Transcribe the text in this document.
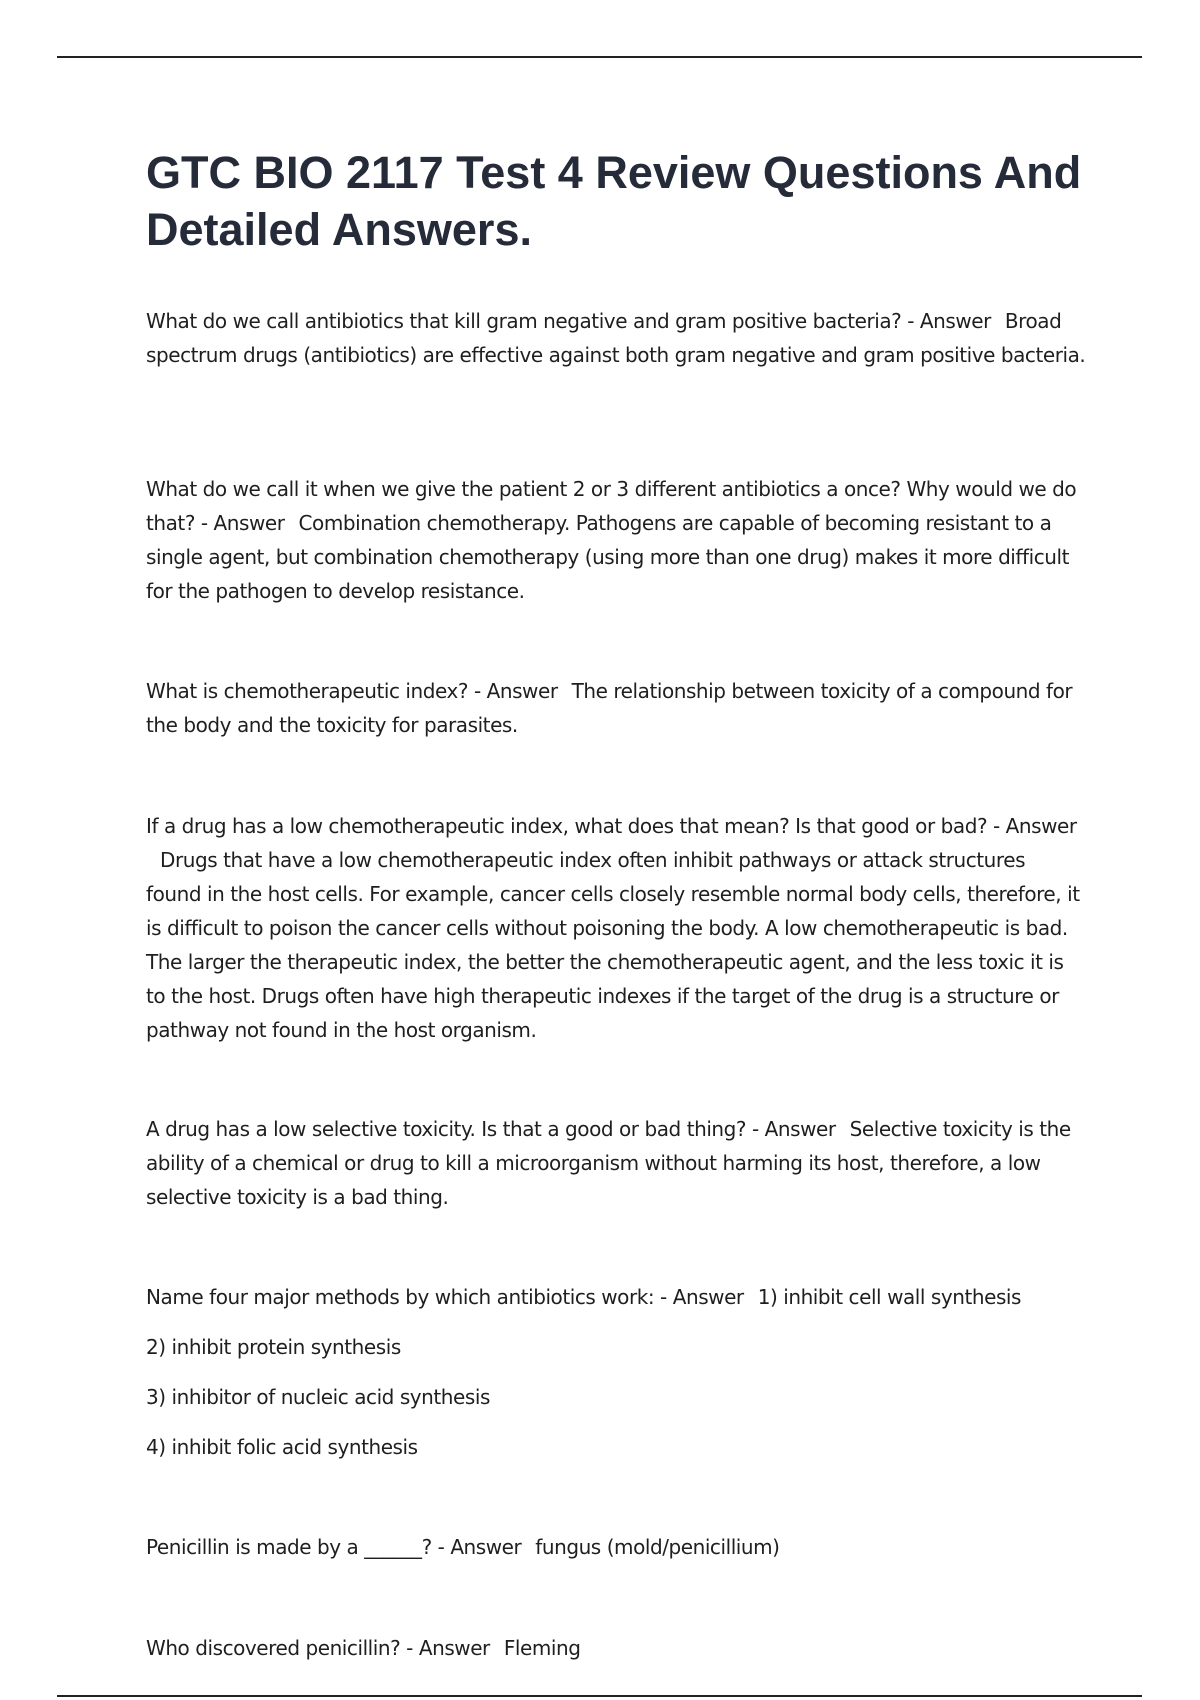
GTC BIO 2117 Test 4 Review Questions And Detailed Answers.

What do we call antibiotics that kill gram negative and gram positive bacteria? - Answer Broad spectrum drugs (antibiotics) are effective against both gram negative and gram positive bacteria.

What do we call it when we give the patient 2 or 3 different antibiotics a once? Why would we do that? - Answer Combination chemotherapy. Pathogens are capable of becoming resistant to a single agent, but combination chemotherapy (using more than one drug) makes it more difficult for the pathogen to develop resistance.

What is chemotherapeutic index? - Answer The relationship between toxicity of a compound for the body and the toxicity for parasites.

If a drug has a low chemotherapeutic index, what does that mean? Is that good or bad? - AnswerDrugs that have a low chemotherapeutic index often inhibit pathways or attack structures found in the host cells. For example, cancer cells closely resemble normal body cells, therefore, it is difficult to poison the cancer cells without poisoning the body. A low chemotherapeutic is bad. The larger the therapeutic index, the better the chemotherapeutic agent, and the less toxic it is to the host. Drugs often have high therapeutic indexes if the target of the drug is a structure or pathway not found in the host organism.

A drug has a low selective toxicity. Is that a good or bad thing? - Answer Selective toxicity is the ability of a chemical or drug to kill a microorganism without harming its host, therefore, a low selective toxicity is a bad thing.

Name four major methods by which antibiotics work: - Answer 1) inhibit cell wall synthesis

2) inhibit protein synthesis

3) inhibitor of nucleic acid synthesis

4) inhibit folic acid synthesis

Penicillin is made by a ______? - Answer fungus (mold/penicillium)

Who discovered penicillin? - Answer Fleming
